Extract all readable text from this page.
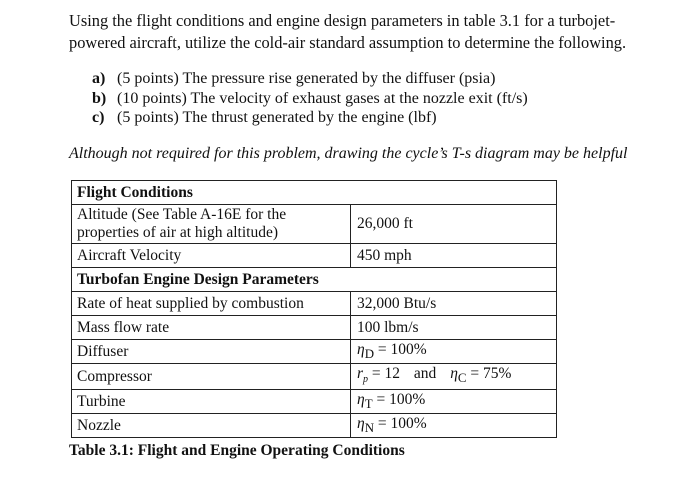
Using the flight conditions and engine design parameters in table 3.1 for a turbojet-
powered aircraft, utilize the cold-air standard assumption to determine the following.

a) (5 points) The pressure rise generated by the diffuser (psia)
b) (10 points) The velocity of exhaust gases at the nozzle exit (ft/s)
c) (5 points) The thrust generated by the engine (lbf)

Although not required for this problem, drawing the cycle’s T-s diagram may be helpful

Flight Conditions	
Altitude (See Table A-16E for the
properties of air at high altitude)	26,000 ft
Aircraft Velocity	450 mph
Turbofan Engine Design Parameters	
Rate of heat supplied by combustion	32,000 Btu/s
Mass flow rate	100 lbm/s
Diffuser	$\eta_D = 100\%$
Compressor	$r_p = 12$ and $\eta_C = 75\%$
Turbine	$\eta_T = 100\%$
Nozzle	$\eta_N = 100\%$

Table 3.1: Flight and Engine Operating Conditions
